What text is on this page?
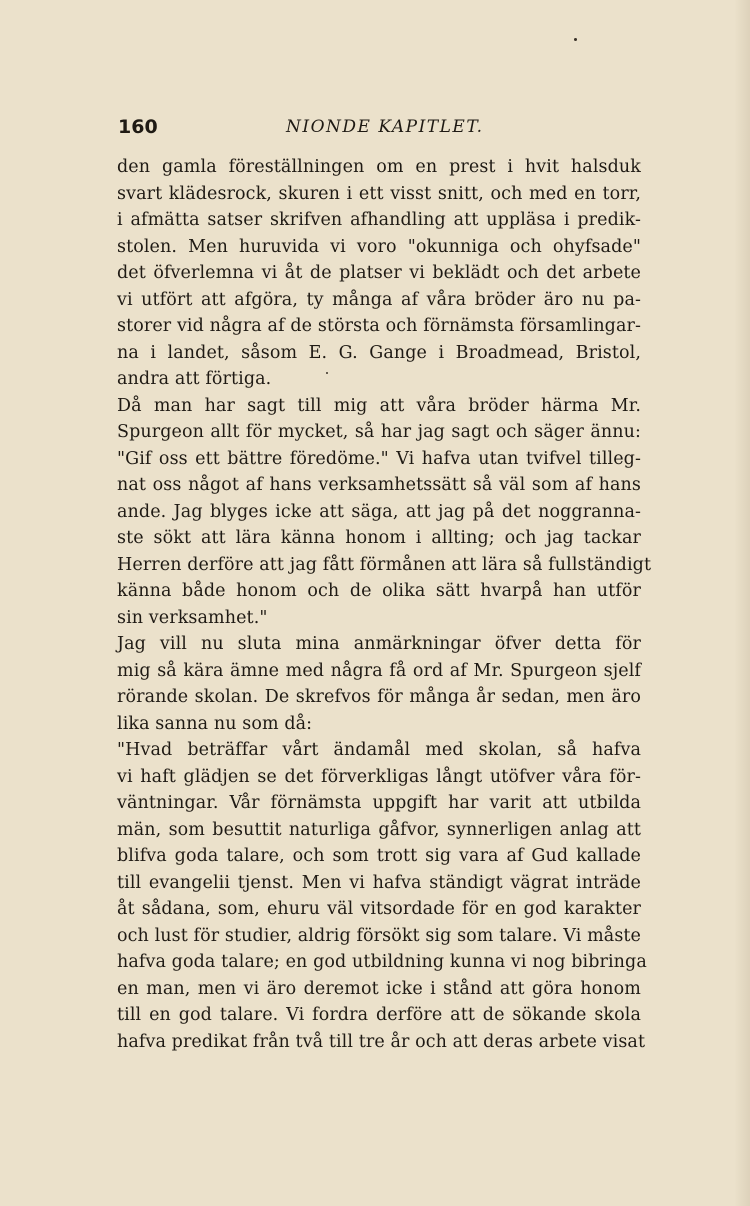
160	NIONDE KAPITLET.
den gamla föreställningen om en prest i hvit halsduk
svart klädesrock, skuren i ett visst snitt, och med en torr,
i afmätta satser skrifven afhandling att uppläsa i predik-
stolen. Men huruvida vi voro "okunniga och ohyfsade"
det öfverlemna vi åt de platser vi beklädt och det arbete
vi utfört att afgöra, ty många af våra bröder äro nu pa-
storer vid några af de största och förnämsta församlingar-
na i landet, såsom E. G. Gange i Broadmead, Bristol,
andra att förtiga.
Då man har sagt till mig att våra bröder härma Mr.
Spurgeon allt för mycket, så har jag sagt och säger ännu:
"Gif oss ett bättre föredöme." Vi hafva utan tvifvel tilleg-
nat oss något af hans verksamhetssätt så väl som af hans
ande. Jag blyges icke att säga, att jag på det noggranna-
ste sökt att lära känna honom i allting; och jag tackar
Herren derföre att jag fått förmånen att lära så fullständigt
känna både honom och de olika sätt hvarpå han utför
sin verksamhet."
Jag vill nu sluta mina anmärkningar öfver detta för
mig så kära ämne med några få ord af Mr. Spurgeon sjelf
rörande skolan. De skrefvos för många år sedan, men äro
lika sanna nu som då:
"Hvad beträffar vårt ändamål med skolan, så hafva
vi haft glädjen se det förverkligas långt utöfver våra för-
väntningar. Vår förnämsta uppgift har varit att utbilda
män, som besuttit naturliga gåfvor, synnerligen anlag att
blifva goda talare, och som trott sig vara af Gud kallade
till evangelii tjenst. Men vi hafva ständigt vägrat inträde
åt sådana, som, ehuru väl vitsordade för en god karakter
och lust för studier, aldrig försökt sig som talare. Vi måste
hafva goda talare; en god utbildning kunna vi nog bibringa
en man, men vi äro deremot icke i stånd att göra honom
till en god talare. Vi fordra derföre att de sökande skola
hafva predikat från två till tre år och att deras arbete visat
